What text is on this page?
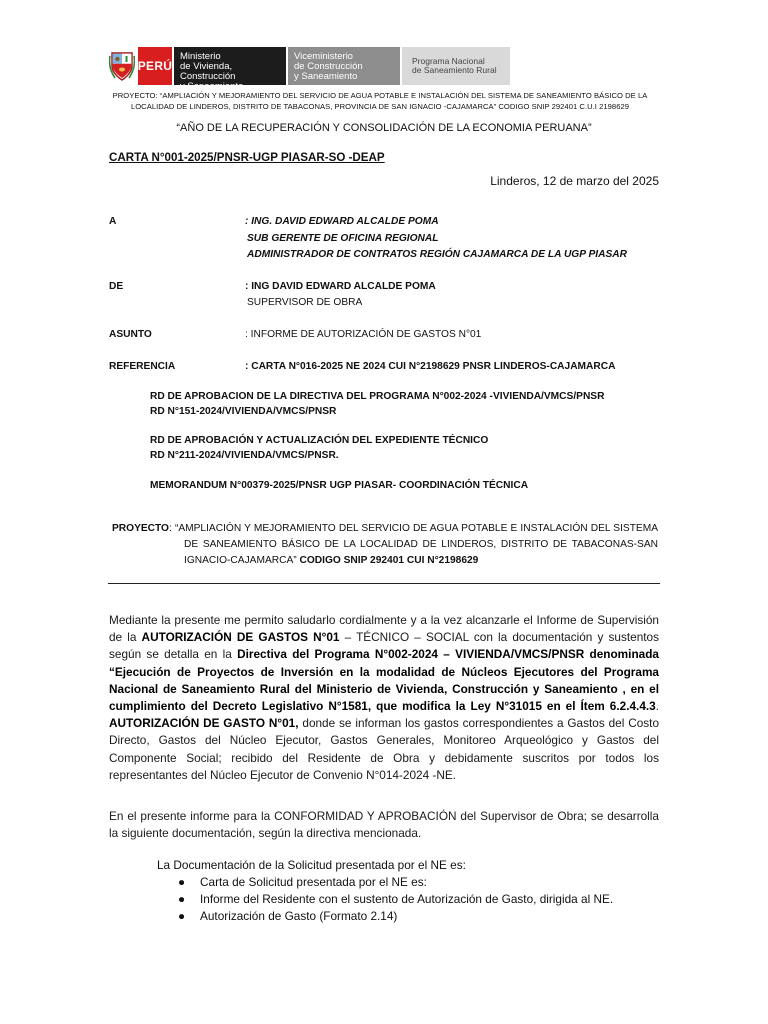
PERÚ
Ministerio
de Vivienda, Construcción
y Saneamiento
Viceministerio
de Construcción
y Saneamiento
Programa Nacional
de Saneamiento Rural
PROYECTO: “AMPLIACIÓN Y MEJORAMIENTO DEL SERVICIO DE AGUA POTABLE E INSTALACIÓN DEL SISTEMA DE SANEAMIENTO BÁSICO DE LA
LOCALIDAD DE LINDEROS, DISTRITO DE TABACONAS, PROVINCIA DE SAN IGNACIO -CAJAMARCA” CODIGO SNIP 292401 C.U.I 2198629
“AÑO DE LA RECUPERACIÓN Y CONSOLIDACIÓN DE LA ECONOMIA PERUANA”
CARTA N°001-2025/PNSR-UGP PIASAR-SO -DEAP
Linderos, 12 de marzo del 2025
A	: ING. DAVID EDWARD ALCALDE POMA
SUB GERENTE DE OFICINA REGIONAL
ADMINISTRADOR DE CONTRATOS REGIÓN CAJAMARCA DE LA UGP PIASAR
DE	: ING DAVID EDWARD ALCALDE POMA
SUPERVISOR DE OBRA
ASUNTO	: INFORME DE AUTORIZACIÓN DE GASTOS N°01
REFERENCIA	: CARTA N°016-2025 NE 2024 CUI N°2198629 PNSR LINDEROS-CAJAMARCA
RD DE APROBACION DE LA DIRECTIVA DEL PROGRAMA N°002-2024 -VIVIENDA/VMCS/PNSR
RD N°151-2024/VIVIENDA/VMCS/PNSR
RD DE APROBACIÓN Y ACTUALIZACIÓN DEL EXPEDIENTE TÉCNICO
RD N°211-2024/VIVIENDA/VMCS/PNSR.
MEMORANDUM N°00379-2025/PNSR UGP PIASAR- COORDINACIÓN TÉCNICA
PROYECTO: “AMPLIACIÓN Y MEJORAMIENTO DEL SERVICIO DE AGUA POTABLE E INSTALACIÓN DEL SISTEMA DE SANEAMIENTO BÁSICO DE LA LOCALIDAD DE LINDEROS, DISTRITO DE TABACONAS-SAN IGNACIO-CAJAMARCA” CODIGO SNIP 292401 CUI N°2198629
Mediante la presente me permito saludarlo cordialmente y a la vez alcanzarle el Informe de Supervisión de la AUTORIZACIÓN DE GASTOS N°01 – TÉCNICO – SOCIAL con la documentación y sustentos según se detalla en la Directiva del Programa N°002-2024 – VIVIENDA/VMCS/PNSR denominada “Ejecución de Proyectos de Inversión en la modalidad de Núcleos Ejecutores del Programa Nacional de Saneamiento Rural del Ministerio de Vivienda, Construcción y Saneamiento , en el cumplimiento del Decreto Legislativo N°1581, que modifica la Ley N°31015 en el Ítem 6.2.4.4.3. AUTORIZACIÓN DE GASTO N°01, donde se informan los gastos correspondientes a Gastos del Costo Directo, Gastos del Núcleo Ejecutor, Gastos Generales, Monitoreo Arqueológico y Gastos del Componente Social; recibido del Residente de Obra y debidamente suscritos por todos los representantes del Núcleo Ejecutor de Convenio N°014-2024 -NE.
En el presente informe para la CONFORMIDAD Y APROBACIÓN del Supervisor de Obra; se desarrolla la siguiente documentación, según la directiva mencionada.
La Documentación de la Solicitud presentada por el NE es:
● Carta de Solicitud presentada por el NE es:
● Informe del Residente con el sustento de Autorización de Gasto, dirigida al NE.
● Autorización de Gasto (Formato 2.14)
